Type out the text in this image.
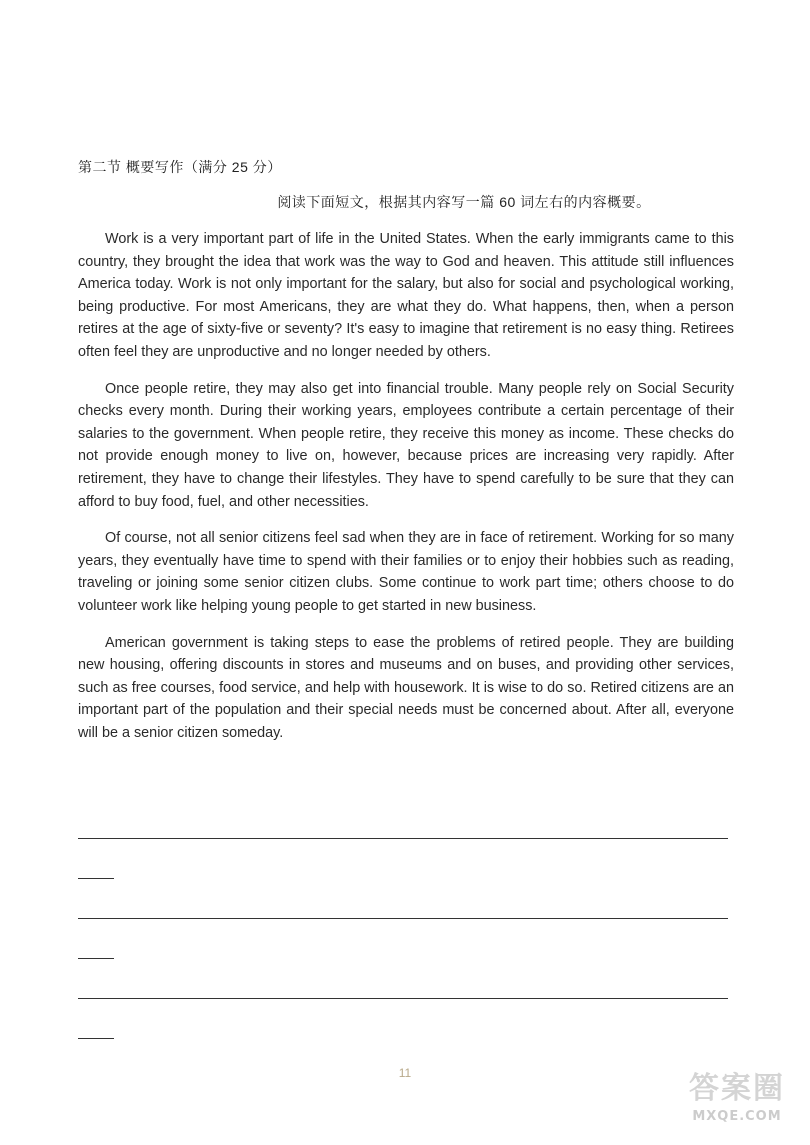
第二节 概要写作（满分 25 分）
阅读下面短文，根据其内容写一篇 60 词左右的内容概要。

Work is a very important part of life in the United States. When the early immigrants came to this country, they brought the idea that work was the way to God and heaven. This attitude still influences America today. Work is not only important for the salary, but also for social and psychological working, being productive. For most Americans, they are what they do. What happens, then, when a person retires at the age of sixty-five or seventy? It's easy to imagine that retirement is no easy thing. Retirees often feel they are unproductive and no longer needed by others.

Once people retire, they may also get into financial trouble. Many people rely on Social Security checks every month. During their working years, employees contribute a certain percentage of their salaries to the government. When people retire, they receive this money as income. These checks do not provide enough money to live on, however, because prices are increasing very rapidly. After retirement, they have to change their lifestyles. They have to spend carefully to be sure that they can afford to buy food, fuel, and other necessities.

Of course, not all senior citizens feel sad when they are in face of retirement. Working for so many years, they eventually have time to spend with their families or to enjoy their hobbies such as reading, traveling or joining some senior citizen clubs. Some continue to work part time; others choose to do volunteer work like helping young people to get started in new business.

American government is taking steps to ease the problems of retired people. They are building new housing, offering discounts in stores and museums and on buses, and providing other services, such as free courses, food service, and help with housework. It is wise to do so. Retired citizens are an important part of the population and their special needs must be concerned about. After all, everyone will be a senior citizen someday.

11	答案圈
MXQE.COM
